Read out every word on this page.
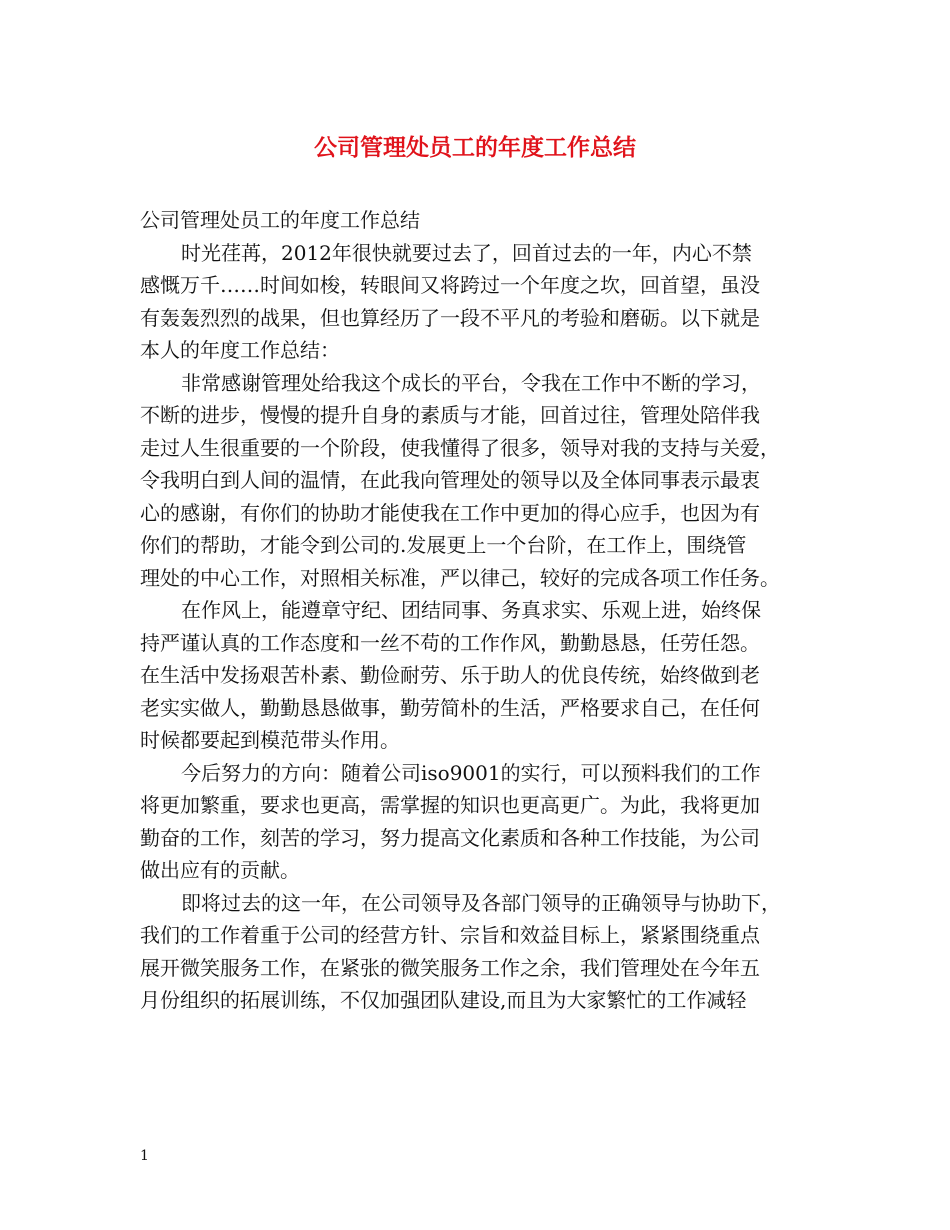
公司管理处员工的年度工作总结
公司管理处员工的年度工作总结
时光荏苒，2012年很快就要过去了，回首过去的一年，内心不禁
感慨万千……时间如梭，转眼间又将跨过一个年度之坎，回首望，虽没
有轰轰烈烈的战果，但也算经历了一段不平凡的考验和磨砺。以下就是
本人的年度工作总结：
非常感谢管理处给我这个成长的平台，令我在工作中不断的学习，
不断的进步，慢慢的提升自身的素质与才能，回首过往，管理处陪伴我
走过人生很重要的一个阶段，使我懂得了很多，领导对我的支持与关爱，
令我明白到人间的温情，在此我向管理处的领导以及全体同事表示最衷
心的感谢，有你们的协助才能使我在工作中更加的得心应手，也因为有
你们的帮助，才能令到公司的.发展更上一个台阶，在工作上，围绕管
理处的中心工作，对照相关标准，严以律己，较好的完成各项工作任务。
在作风上，能遵章守纪、团结同事、务真求实、乐观上进，始终保
持严谨认真的工作态度和一丝不苟的工作作风，勤勤恳恳，任劳任怨。
在生活中发扬艰苦朴素、勤俭耐劳、乐于助人的优良传统，始终做到老
老实实做人，勤勤恳恳做事，勤劳简朴的生活，严格要求自己，在任何
时候都要起到模范带头作用。
今后努力的方向：随着公司iso9001的实行，可以预料我们的工作
将更加繁重，要求也更高，需掌握的知识也更高更广。为此，我将更加
勤奋的工作，刻苦的学习，努力提高文化素质和各种工作技能，为公司
做出应有的贡献。
即将过去的这一年，在公司领导及各部门领导的正确领导与协助下，
我们的工作着重于公司的经营方针、宗旨和效益目标上，紧紧围绕重点
展开微笑服务工作，在紧张的微笑服务工作之余，我们管理处在今年五
月份组织的拓展训练，不仅加强团队建设,而且为大家繁忙的工作减轻
1
